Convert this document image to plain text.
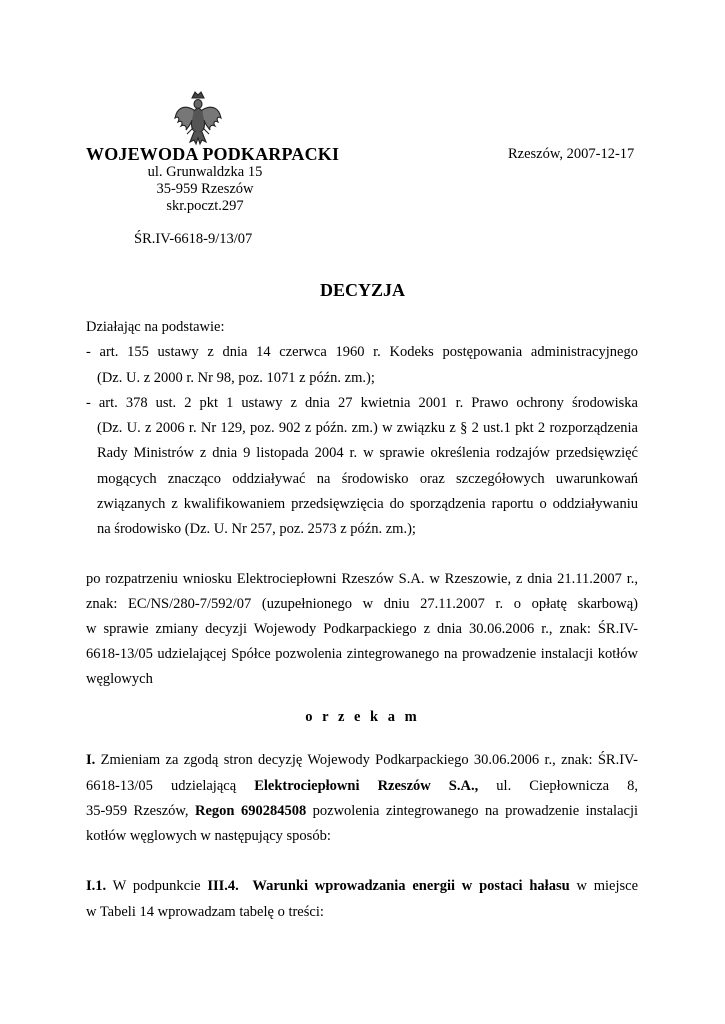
WOJEWODA PODKARPACKI	Rzeszów, 2007-12-17
ul. Grunwaldzka 15
35-959 Rzeszów
skr.poczt.297
ŚR.IV-6618-9/13/07
DECYZJA
Działając na podstawie:
- art. 155 ustawy z dnia 14 czerwca 1960 r. Kodeks postępowania administracyjnego
(Dz. U. z 2000 r. Nr 98, poz. 1071 z późn. zm.);
- art. 378 ust. 2 pkt 1 ustawy z dnia 27 kwietnia 2001 r. Prawo ochrony środowiska
(Dz. U. z 2006 r. Nr 129, poz. 902 z późn. zm.) w związku z § 2 ust.1 pkt 2 rozporządzenia
Rady Ministrów z dnia 9 listopada 2004 r. w sprawie określenia rodzajów przedsięwzięć
mogących znacząco oddziaływać na środowisko oraz szczegółowych uwarunkowań
związanych z kwalifikowaniem przedsięwzięcia do sporządzenia raportu o oddziaływaniu
na środowisko (Dz. U. Nr 257, poz. 2573 z późn. zm.);
po rozpatrzeniu wniosku Elektrociepłowni Rzeszów S.A. w Rzeszowie, z dnia 21.11.2007 r.,
znak: EC/NS/280-7/592/07 (uzupełnionego w dniu 27.11.2007 r. o opłatę skarbową)
w sprawie zmiany decyzji Wojewody Podkarpackiego z dnia 30.06.2006 r., znak: ŚR.IV-
6618-13/05 udzielającej Spółce pozwolenia zintegrowanego na prowadzenie instalacji kotłów
węglowych
o r z e k a m
I. Zmieniam za zgodą stron decyzję Wojewody Podkarpackiego 30.06.2006 r., znak: ŚR.IV-
6618-13/05 udzielającą Elektrociepłowni Rzeszów S.A., ul. Ciepłownicza 8,
35-959 Rzeszów, Regon 690284508 pozwolenia zintegrowanego na prowadzenie instalacji
kotłów węglowych w następujący sposób:
I.1. W podpunkcie III.4. Warunki wprowadzania energii w postaci hałasu w miejsce
w Tabeli 14 wprowadzam tabelę o treści:
